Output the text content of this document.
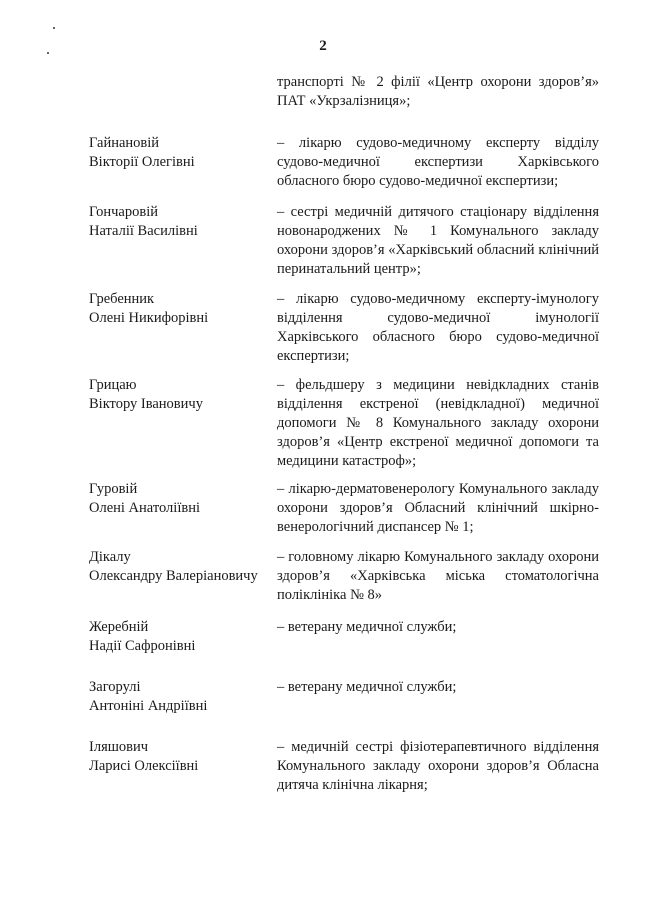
2

транспорті № 2 філії «Центр охорони здоров’я» ПАТ «Укрзалізниця»;

Гайнановій
Вікторії Олегівні

– лікарю судово-медичному експерту відділу судово-медичної експертизи Харківського обласного бюро судово-медичної експертизи;

Гончаровій
Наталії Василівні

– сестрі медичній дитячого стаціонару відділення новонароджених № 1 Комунального закладу охорони здоров’я «Харківський обласний клінічний перинатальний центр»;

Гребенник
Олені Никифорівні

– лікарю судово-медичному експерту-імунологу відділення судово-медичної імунології Харківського обласного бюро судово-медичної експертизи;

Грицаю
Віктору Івановичу

– фельдшеру з медицини невідкладних станів відділення екстреної (невідкладної) медичної допомоги № 8 Комунального закладу охорони здоров’я «Центр екстреної медичної допомоги та медицини катастроф»;

Гуровій
Олені Анатоліївні

– лікарю-дерматовенерологу Комунального закладу охорони здоров’я Обласний клінічний шкірно-венерологічний диспансер № 1;

Дікалу
Олександру Валеріановичу

– головному лікарю Комунального закладу охорони здоров’я «Харківська міська стоматологічна поліклініка № 8»

Жеребній
Надії Сафронівні

– ветерану медичної служби;

Загорулі
Антоніні Андріївні

– ветерану медичної служби;

Іляшович
Ларисі Олексіївні

– медичній сестрі фізіотерапевтичного відділення Комунального закладу охорони здоров’я Обласна дитяча клінічна лікарня;
